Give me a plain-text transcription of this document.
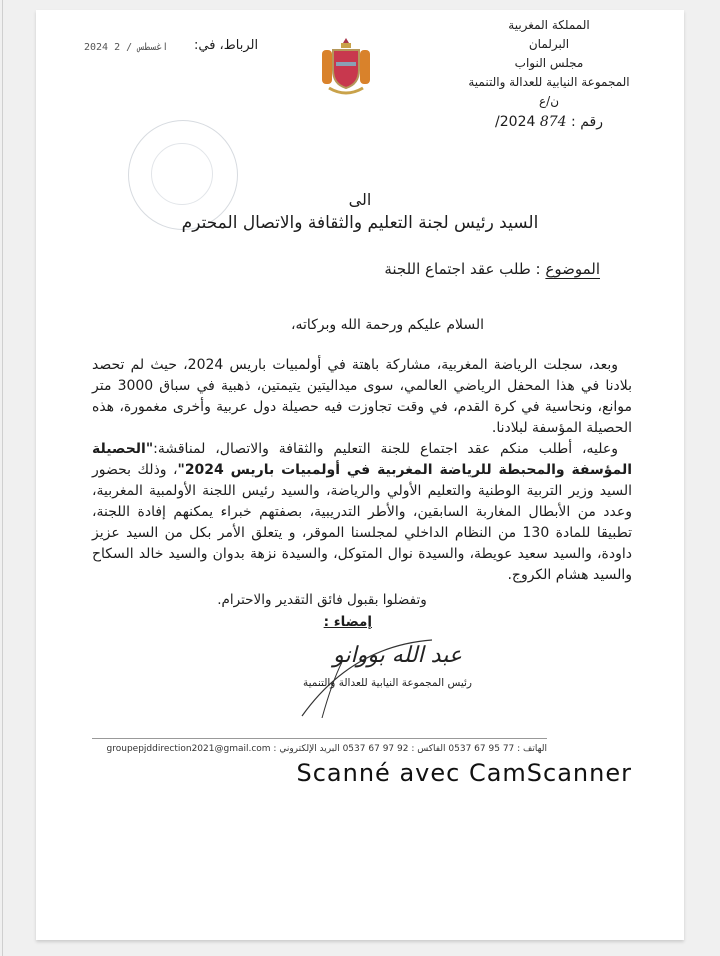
المملكة المغربية
البرلمان
مجلس النواب
المجموعة النيابية للعدالة والتنمية
ن/ع
رقم : 874 2024/
الرباط، في:
2024 اغسطس / 2
الى
السيد رئيس لجنة التعليم والثقافة والاتصال المحترم
الموضوع : طلب عقد اجتماع اللجنة
السلام عليكم ورحمة الله وبركاته،

وبعد، سجلت الرياضة المغربية، مشاركة باهتة في أولمبيات باريس 2024، حيث لم تحصد بلادنا في هذا المحفل الرياضي العالمي، سوى ميداليتين يتيمتين، ذهبية في سباق 3000 متر موانع، ونحاسية في كرة القدم، في وقت تجاوزت فيه حصيلة دول عربية وأخرى مغمورة، هذه الحصيلة المؤسفة لبلادنا.

وعليه، أطلب منكم عقد اجتماع للجنة التعليم والثقافة والاتصال، لمناقشة:"الحصيلة المؤسفة والمحبطة للرياضة المغربية في أولمبيات باريس 2024"، وذلك بحضور السيد وزير التربية الوطنية والتعليم الأولي والرياضة، والسيد رئيس اللجنة الأولمبية المغربية، وعدد من الأبطال المغاربة السابقين، والأطر التدريبية، بصفتهم خبراء يمكنهم إفادة اللجنة، تطبيقا للمادة 130 من النظام الداخلي لمجلسنا الموقر، و يتعلق الأمر بكل من السيد عزيز داودة، والسيد سعيد عويطة، والسيدة نوال المتوكل، والسيدة نزهة بدوان والسيد خالد السكاح والسيد هشام الكروج.

وتفضلوا بقبول فائق التقدير والاحترام.
إمضاء :
عبد الله بووانو
رئيس المجموعة النيابية للعدالة والتنمية
الهاتف : 77 95 67 0537 الفاكس : 92 97 67 0537 البريد الإلكتروني : groupepjddirection2021@gmail.com
Scanné avec CamScanner
